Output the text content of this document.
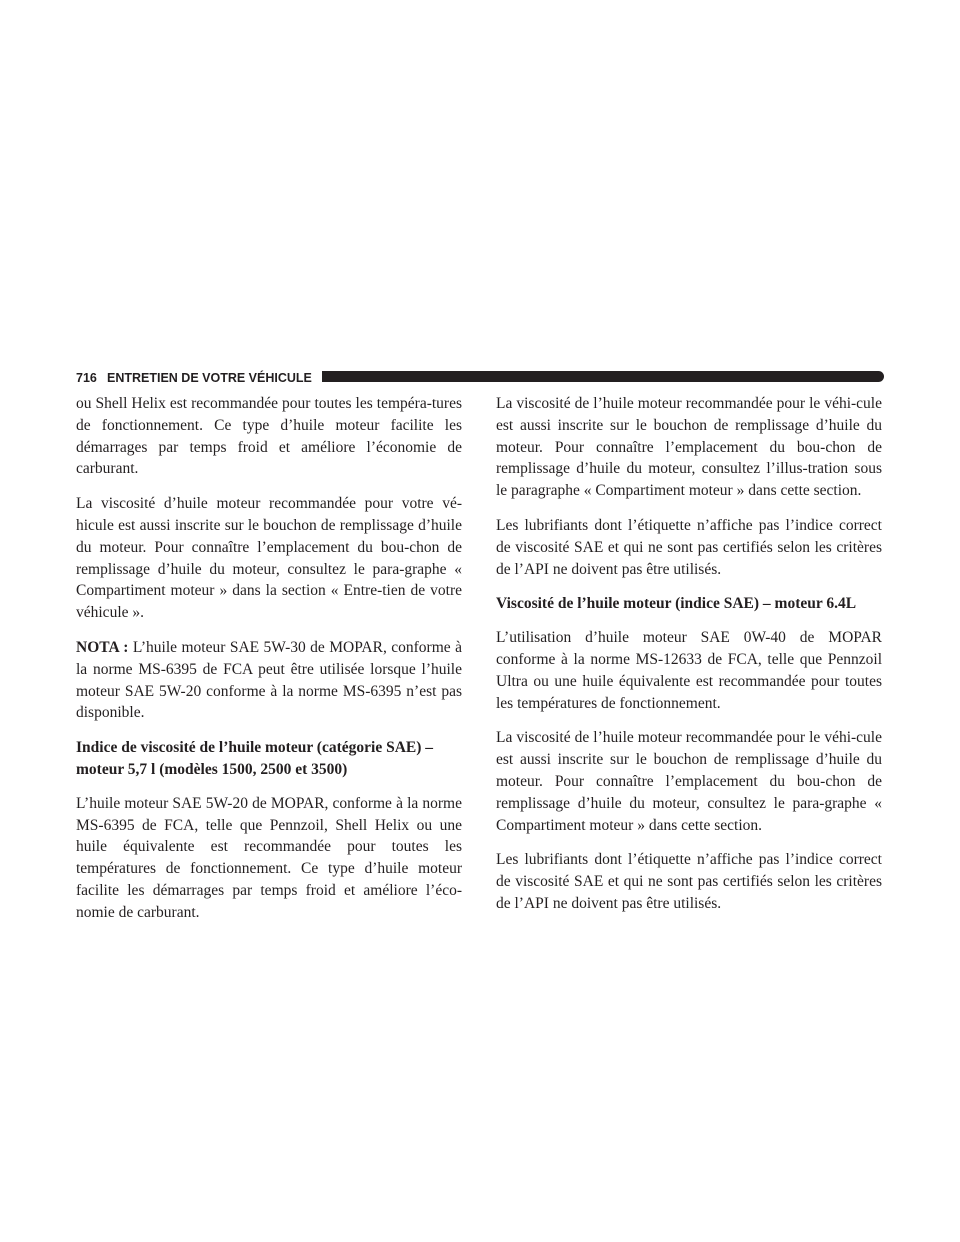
716 ENTRETIEN DE VOTRE VÉHICULE

ou Shell Helix est recommandée pour toutes les tempéra-tures de fonctionnement. Ce type d’huile moteur facilite les démarrages par temps froid et améliore l’économie de carburant.

La viscosité d’huile moteur recommandée pour votre vé-hicule est aussi inscrite sur le bouchon de remplissage d’huile du moteur. Pour connaître l’emplacement du bou-chon de remplissage d’huile du moteur, consultez le para-graphe « Compartiment moteur » dans la section « Entre-tien de votre véhicule ».

NOTA : L’huile moteur SAE 5W-30 de MOPAR, conforme à la norme MS-6395 de FCA peut être utilisée lorsque l’huile moteur SAE 5W-20 conforme à la norme MS-6395 n’est pas disponible.

Indice de viscosité de l’huile moteur (catégorie SAE) – moteur 5,7 l (modèles 1500, 2500 et 3500)

L’huile moteur SAE 5W-20 de MOPAR, conforme à la norme MS-6395 de FCA, telle que Pennzoil, Shell Helix ou une huile équivalente est recommandée pour toutes les températures de fonctionnement. Ce type d’huile moteur facilite les démarrages par temps froid et améliore l’éco-nomie de carburant.

La viscosité de l’huile moteur recommandée pour le véhi-cule est aussi inscrite sur le bouchon de remplissage d’huile du moteur. Pour connaître l’emplacement du bou-chon de remplissage d’huile du moteur, consultez l’illus-tration sous le paragraphe « Compartiment moteur » dans cette section.

Les lubrifiants dont l’étiquette n’affiche pas l’indice correct de viscosité SAE et qui ne sont pas certifiés selon les critères de l’API ne doivent pas être utilisés.

Viscosité de l’huile moteur (indice SAE) – moteur 6.4L

L’utilisation d’huile moteur SAE 0W-40 de MOPAR conforme à la norme MS-12633 de FCA, telle que Pennzoil Ultra ou une huile équivalente est recommandée pour toutes les températures de fonctionnement.

La viscosité de l’huile moteur recommandée pour le véhi-cule est aussi inscrite sur le bouchon de remplissage d’huile du moteur. Pour connaître l’emplacement du bou-chon de remplissage d’huile du moteur, consultez le para-graphe « Compartiment moteur » dans cette section.

Les lubrifiants dont l’étiquette n’affiche pas l’indice correct de viscosité SAE et qui ne sont pas certifiés selon les critères de l’API ne doivent pas être utilisés.
